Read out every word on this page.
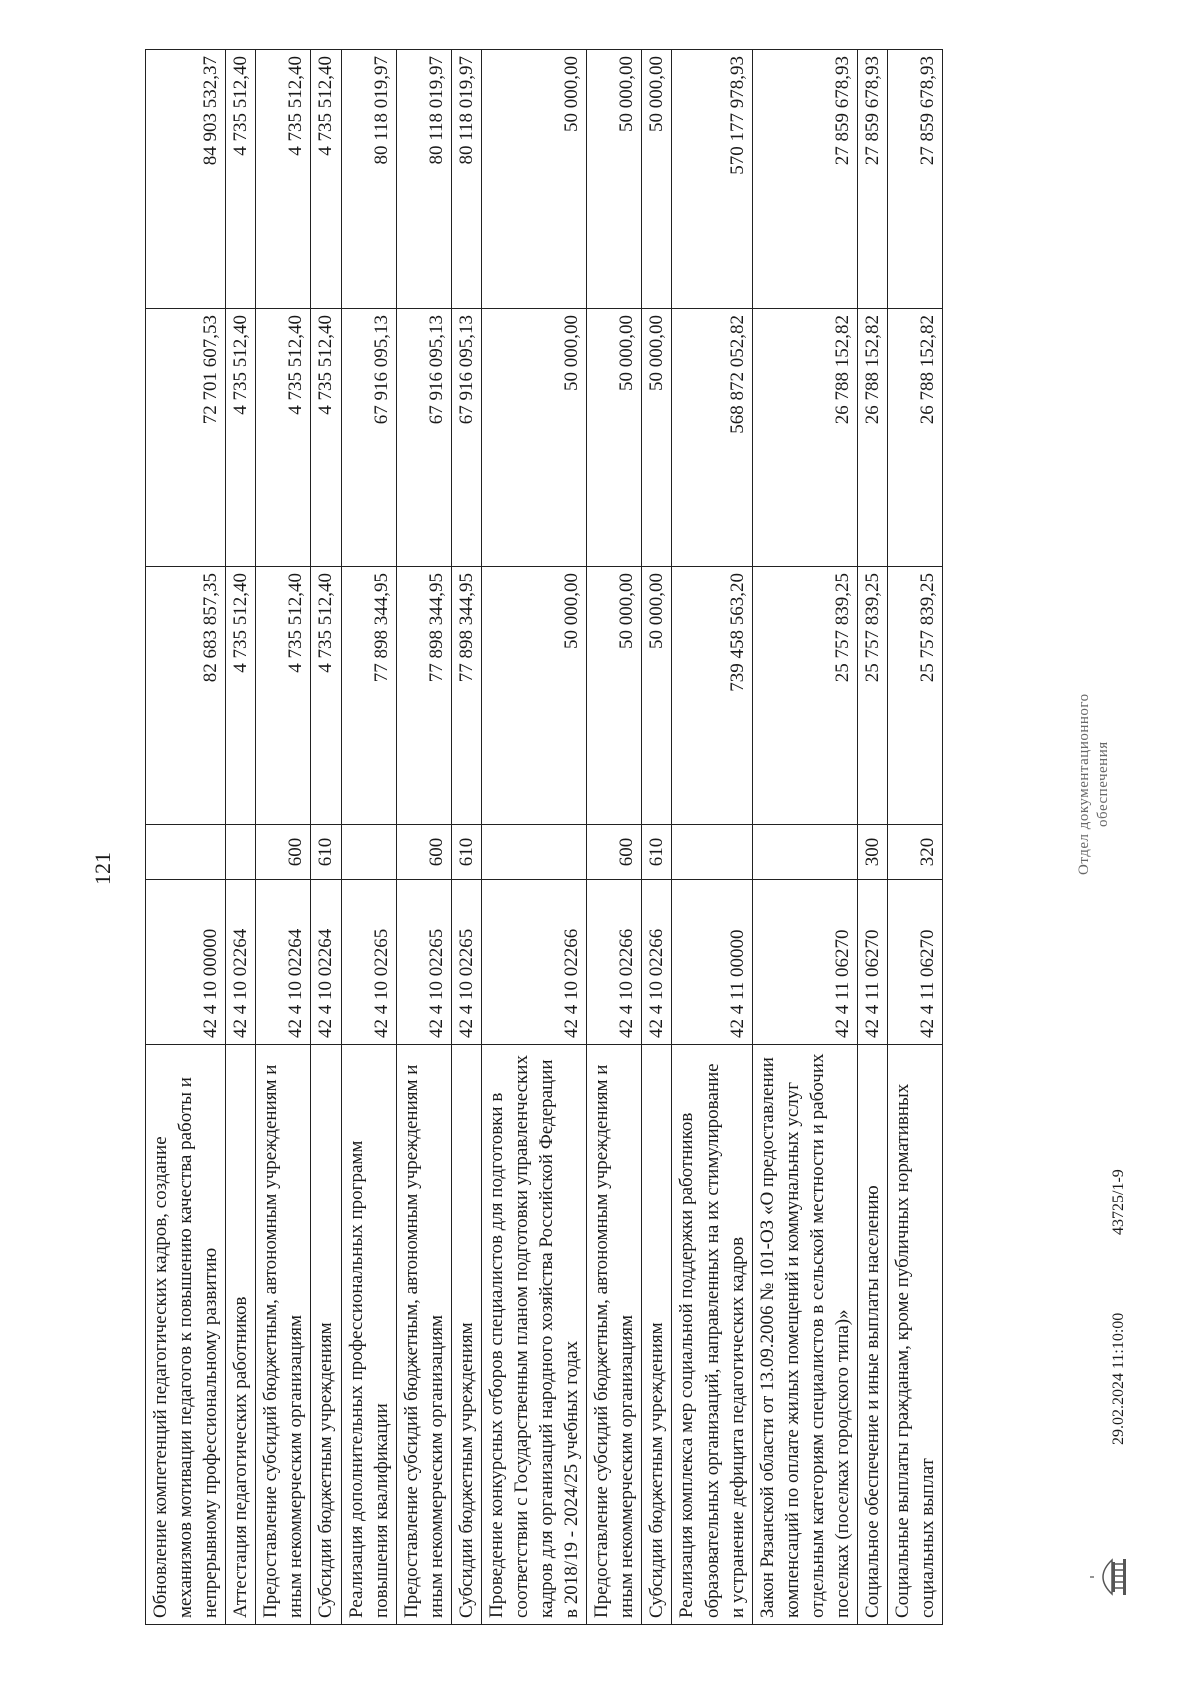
121
Обновление компетенций педагогических кадров, создание механизмов мотивации педагогов к повышению качества работы и непрерывному профессиональному развитию	42 4 10 00000		82 683 857,35	72 701 607,53	84 903 532,37
Аттестация педагогических работников	42 4 10 02264		4 735 512,40	4 735 512,40	4 735 512,40
Предоставление субсидий бюджетным, автономным учреждениям и иным некоммерческим организациям	42 4 10 02264	600	4 735 512,40	4 735 512,40	4 735 512,40
Субсидии бюджетным учреждениям	42 4 10 02264	610	4 735 512,40	4 735 512,40	4 735 512,40
Реализация дополнительных профессиональных программ повышения квалификации	42 4 10 02265		77 898 344,95	67 916 095,13	80 118 019,97
Предоставление субсидий бюджетным, автономным учреждениям и иным некоммерческим организациям	42 4 10 02265	600	77 898 344,95	67 916 095,13	80 118 019,97
Субсидии бюджетным учреждениям	42 4 10 02265	610	77 898 344,95	67 916 095,13	80 118 019,97
Проведение конкурсных отборов специалистов для подготовки в соответствии с Государственным планом подготовки управленческих кадров для организаций народного хозяйства Российской Федерации в 2018/19 - 2024/25 учебных годах	42 4 10 02266		50 000,00	50 000,00	50 000,00
Предоставление субсидий бюджетным, автономным учреждениям и иным некоммерческим организациям	42 4 10 02266	600	50 000,00	50 000,00	50 000,00
Субсидии бюджетным учреждениям	42 4 10 02266	610	50 000,00	50 000,00	50 000,00
Реализация комплекса мер социальной поддержки работников образовательных организаций, направленных на их стимулирование и устранение дефицита педагогических кадров	42 4 11 00000		739 458 563,20	568 872 052,82	570 177 978,93
Закон Рязанской области от 13.09.2006 № 101-ОЗ «О предоставлении компенсаций по оплате жилых помещений и коммунальных услуг отдельным категориям специалистов в сельской местности и рабочих поселках (поселках городского типа)»	42 4 11 06270		25 757 839,25	26 788 152,82	27 859 678,93
Социальное обеспечение и иные выплаты населению	42 4 11 06270	300	25 757 839,25	26 788 152,82	27 859 678,93
Социальные выплаты гражданам, кроме публичных нормативных социальных выплат	42 4 11 06270	320	25 757 839,25	26 788 152,82	27 859 678,93
29.02.2024 11:10:00
43725/1-9
Отдел документационного обеспечения
